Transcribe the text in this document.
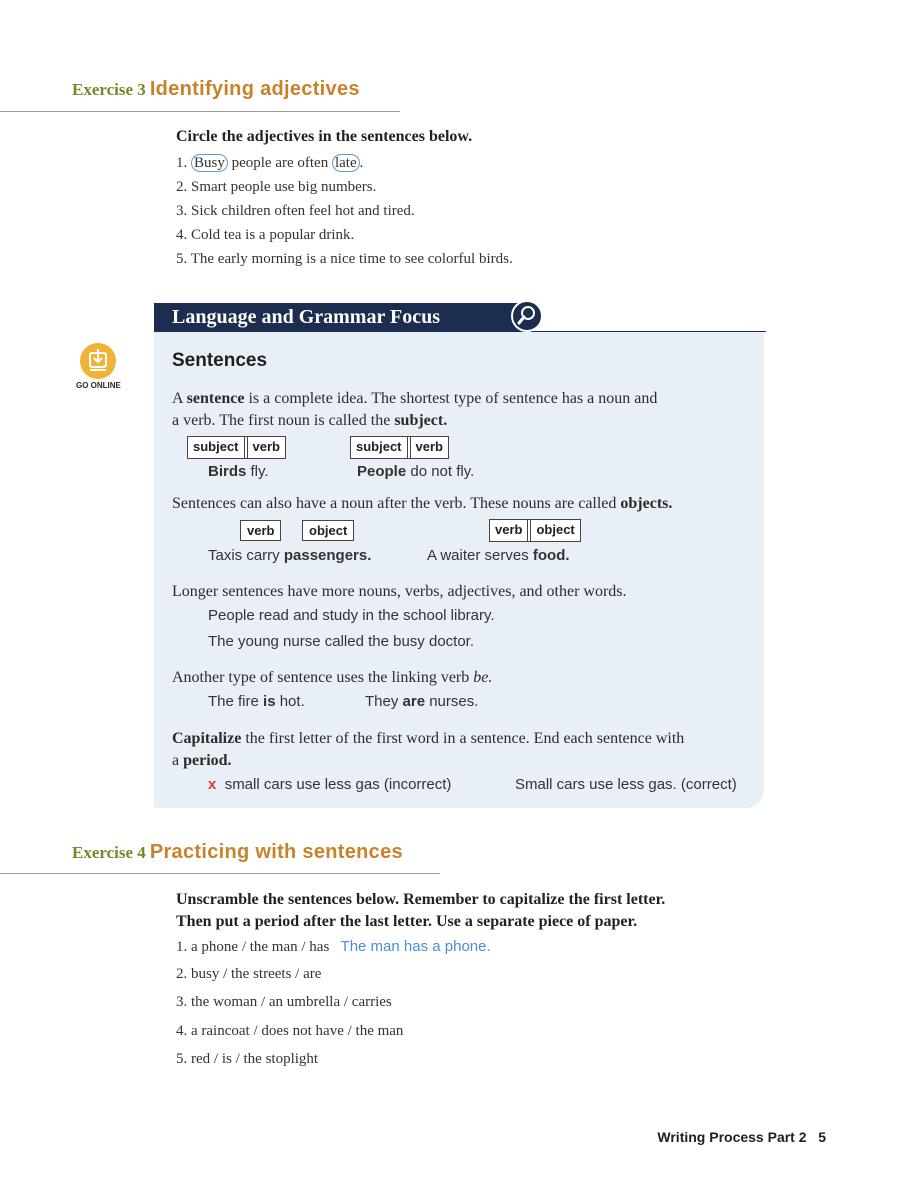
Exercise 3 Identifying adjectives
Circle the adjectives in the sentences below.
1. Busy people are often late .
2. Smart people use big numbers.
3. Sick children often feel hot and tired.
4. Cold tea is a popular drink.
5. The early morning is a nice time to see colorful birds.
Language and Grammar Focus
GO ONLINE
Sentences
A sentence is a complete idea. The shortest type of sentence has a noun and
a verb. The first noun is called the subject.
subject	verb	subject	verb
Birds fly.	People do not fly.
Sentences can also have a noun after the verb. These nouns are called objects.
verb	object	verb	object
Taxis carry passengers.	A waiter serves food.
Longer sentences have more nouns, verbs, adjectives, and other words.
People read and study in the school library.
The young nurse called the busy doctor.
Another type of sentence uses the linking verb be.
The fire is hot.	They are nurses.
Capitalize the first letter of the first word in a sentence. End each sentence with
a period.
x small cars use less gas (incorrect)	Small cars use less gas. (correct)
Exercise 4 Practicing with sentences
Unscramble the sentences below. Remember to capitalize the first letter.
Then put a period after the last letter. Use a separate piece of paper.
1. a phone / the man / has The man has a phone.
2. busy / the streets / are
3. the woman / an umbrella / carries
4. a raincoat / does not have / the man
5. red / is / the stoplight
Writing Process Part 2 5
